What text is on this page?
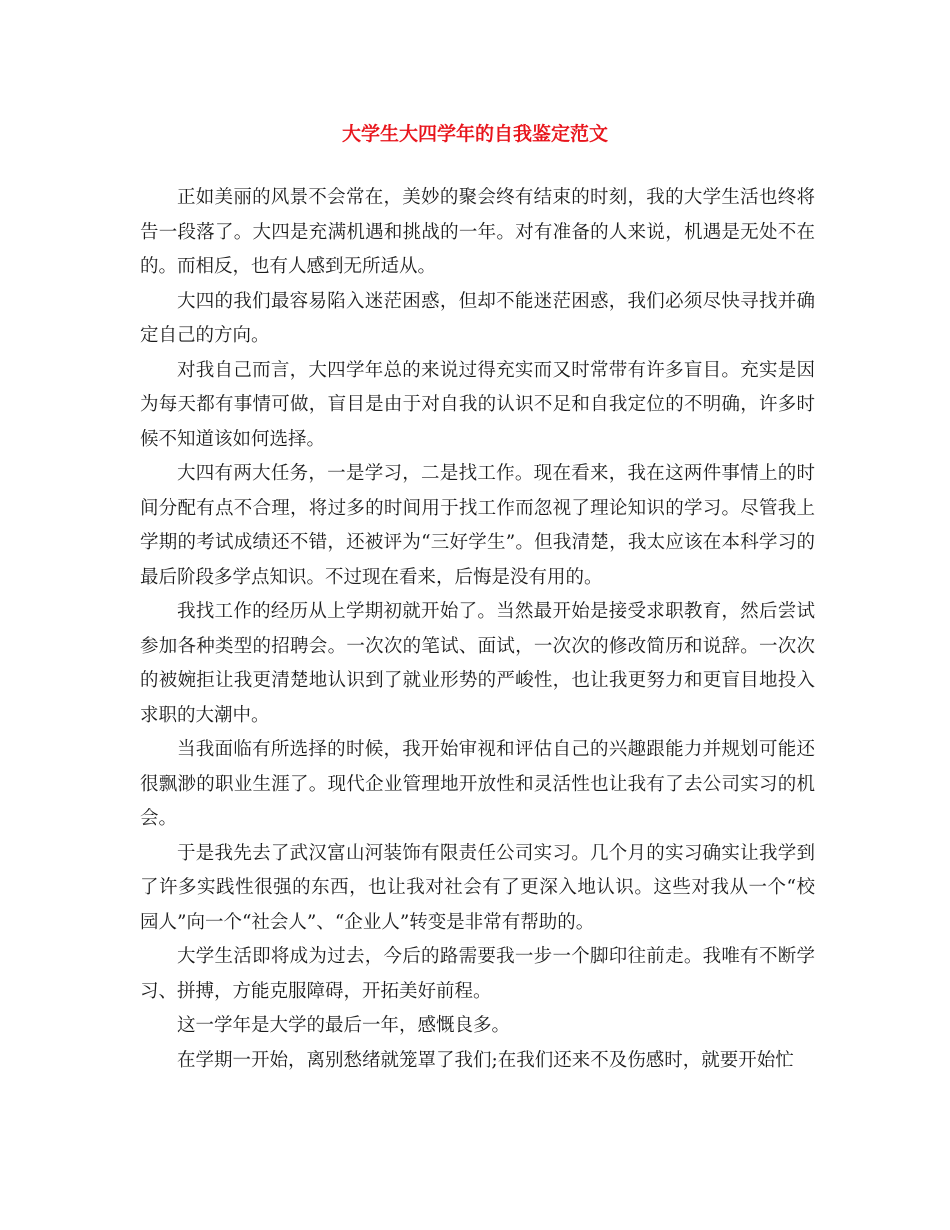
大学生大四学年的自我鉴定范文

正如美丽的风景不会常在，美妙的聚会终有结束的时刻，我的大学生活也终将告一段落了。大四是充满机遇和挑战的一年。对有准备的人来说，机遇是无处不在的。而相反，也有人感到无所适从。

大四的我们最容易陷入迷茫困惑，但却不能迷茫困惑，我们必须尽快寻找并确定自己的方向。

对我自己而言，大四学年总的来说过得充实而又时常带有许多盲目。充实是因为每天都有事情可做，盲目是由于对自我的认识不足和自我定位的不明确，许多时候不知道该如何选择。

大四有两大任务，一是学习，二是找工作。现在看来，我在这两件事情上的时间分配有点不合理，将过多的时间用于找工作而忽视了理论知识的学习。尽管我上学期的考试成绩还不错，还被评为“三好学生”。但我清楚，我太应该在本科学习的最后阶段多学点知识。不过现在看来，后悔是没有用的。

我找工作的经历从上学期初就开始了。当然最开始是接受求职教育，然后尝试参加各种类型的招聘会。一次次的笔试、面试，一次次的修改简历和说辞。一次次的被婉拒让我更清楚地认识到了就业形势的严峻性，也让我更努力和更盲目地投入求职的大潮中。

当我面临有所选择的时候，我开始审视和评估自己的兴趣跟能力并规划可能还很飘渺的职业生涯了。现代企业管理地开放性和灵活性也让我有了去公司实习的机会。

于是我先去了武汉富山河装饰有限责任公司实习。几个月的实习确实让我学到了许多实践性很强的东西，也让我对社会有了更深入地认识。这些对我从一个“校园人”向一个“社会人”、“企业人”转变是非常有帮助的。

大学生活即将成为过去，今后的路需要我一步一个脚印往前走。我唯有不断学习、拼搏，方能克服障碍，开拓美好前程。

这一学年是大学的最后一年，感慨良多。

在学期一开始，离别愁绪就笼罩了我们;在我们还来不及伤感时，就要开始忙
